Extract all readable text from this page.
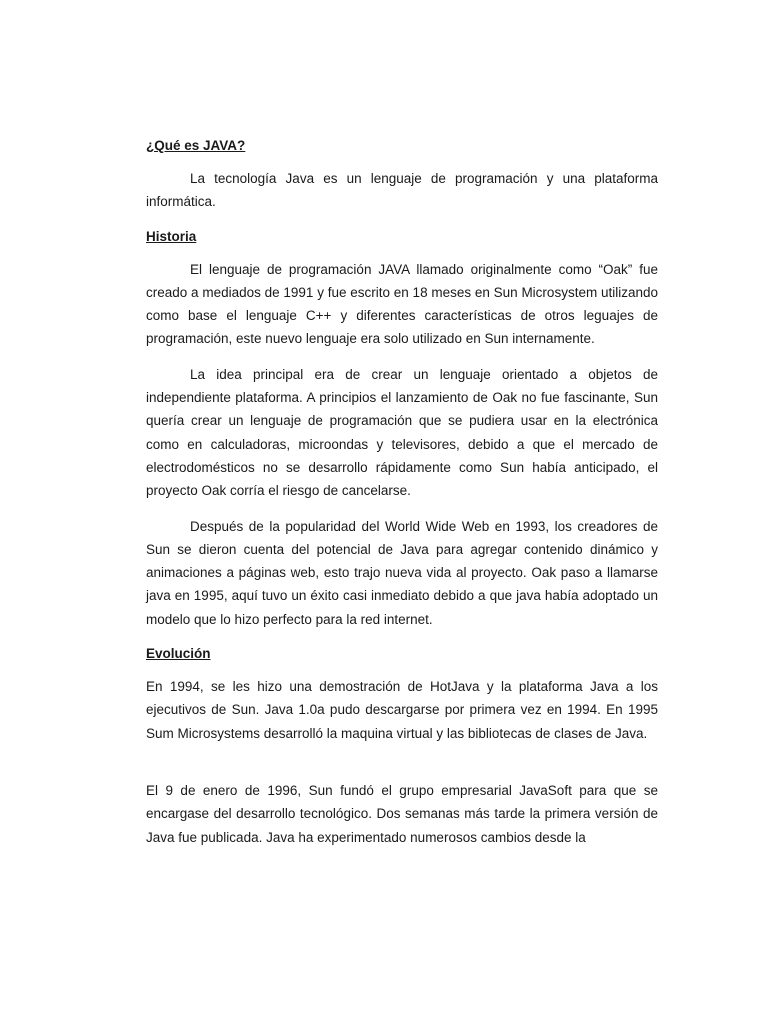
¿Qué es JAVA?

La tecnología Java es un lenguaje de programación y una plataforma informática.

Historia

El lenguaje de programación JAVA llamado originalmente como “Oak” fue creado a mediados de 1991 y fue escrito en 18 meses en Sun Microsystem utilizando como base el lenguaje C++ y diferentes características de otros leguajes de programación, este nuevo lenguaje era solo utilizado en Sun internamente.

La idea principal era de crear un lenguaje orientado a objetos de independiente plataforma. A principios el lanzamiento de Oak no fue fascinante, Sun quería crear un lenguaje de programación que se pudiera usar en la electrónica como en calculadoras, microondas y televisores, debido a que el mercado de electrodomésticos no se desarrollo rápidamente como Sun había anticipado, el proyecto Oak corría el riesgo de cancelarse.

Después de la popularidad del World Wide Web en 1993, los creadores de Sun se dieron cuenta del potencial de Java para agregar contenido dinámico y animaciones a páginas web, esto trajo nueva vida al proyecto. Oak paso a llamarse java en 1995, aquí tuvo un éxito casi inmediato debido a que java había adoptado un modelo que lo hizo perfecto para la red internet.

Evolución

En 1994, se les hizo una demostración de HotJava y la plataforma Java a los ejecutivos de Sun. Java 1.0a pudo descargarse por primera vez en 1994. En 1995 Sum Microsystems desarrolló la maquina virtual y las bibliotecas de clases de Java.

El 9 de enero de 1996, Sun fundó el grupo empresarial JavaSoft para que se encargase del desarrollo tecnológico. Dos semanas más tarde la primera versión de Java fue publicada. Java ha experimentado numerosos cambios desde la
